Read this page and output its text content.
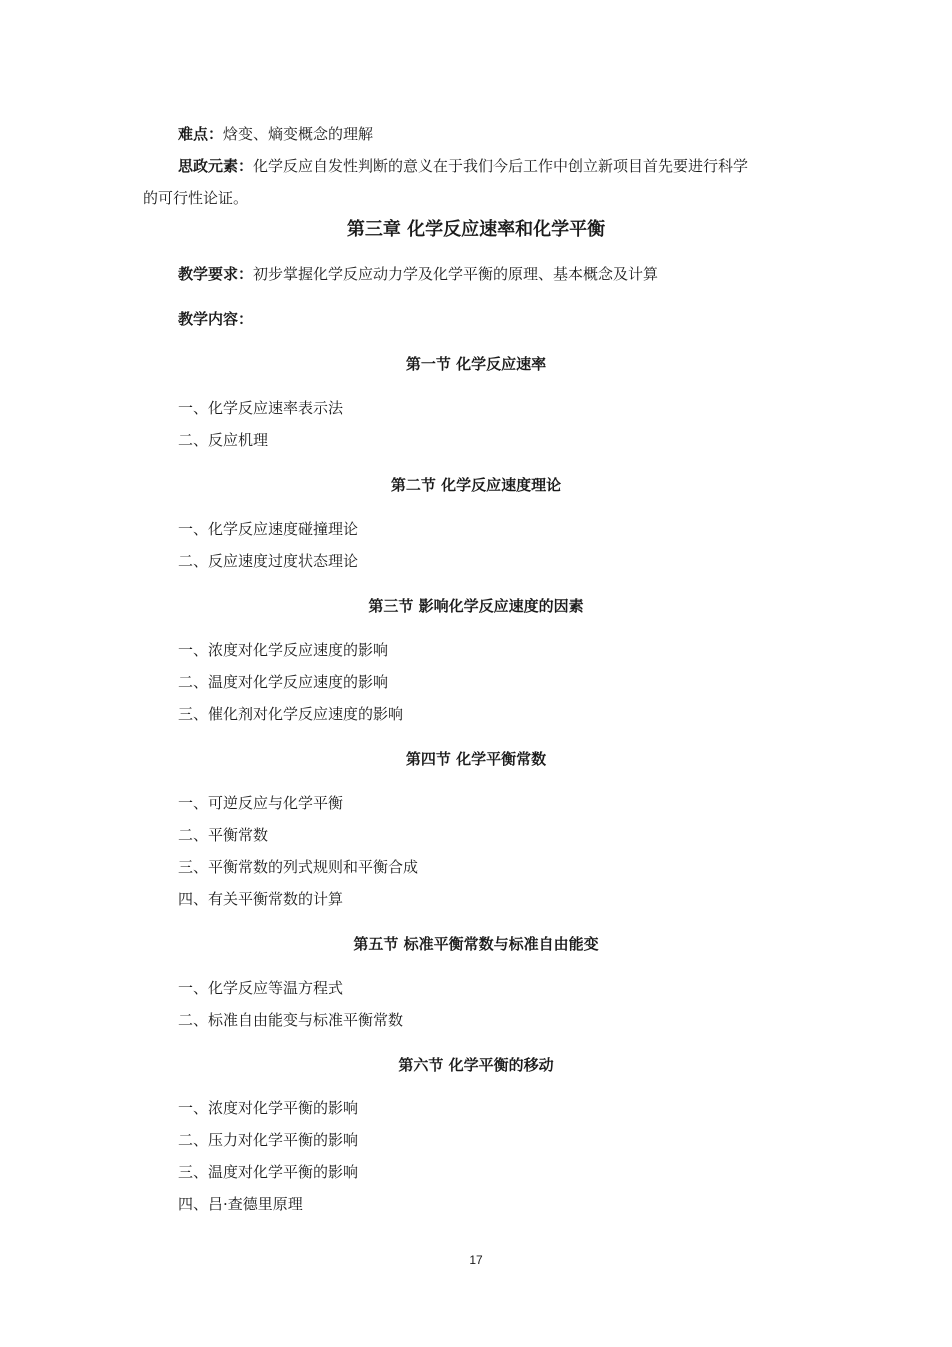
难点：焓变、熵变概念的理解
思政元素：化学反应自发性判断的意义在于我们今后工作中创立新项目首先要进行科学
的可行性论证。
第三章 化学反应速率和化学平衡
教学要求：初步掌握化学反应动力学及化学平衡的原理、基本概念及计算
教学内容：
第一节 化学反应速率
一、化学反应速率表示法
二、反应机理
第二节 化学反应速度理论
一、化学反应速度碰撞理论
二、反应速度过度状态理论
第三节 影响化学反应速度的因素
一、浓度对化学反应速度的影响
二、温度对化学反应速度的影响
三、催化剂对化学反应速度的影响
第四节 化学平衡常数
一、可逆反应与化学平衡
二、平衡常数
三、平衡常数的列式规则和平衡合成
四、有关平衡常数的计算
第五节 标准平衡常数与标准自由能变
一、化学反应等温方程式
二、标准自由能变与标准平衡常数
第六节 化学平衡的移动
一、浓度对化学平衡的影响
二、压力对化学平衡的影响
三、温度对化学平衡的影响
四、吕·查德里原理
17
